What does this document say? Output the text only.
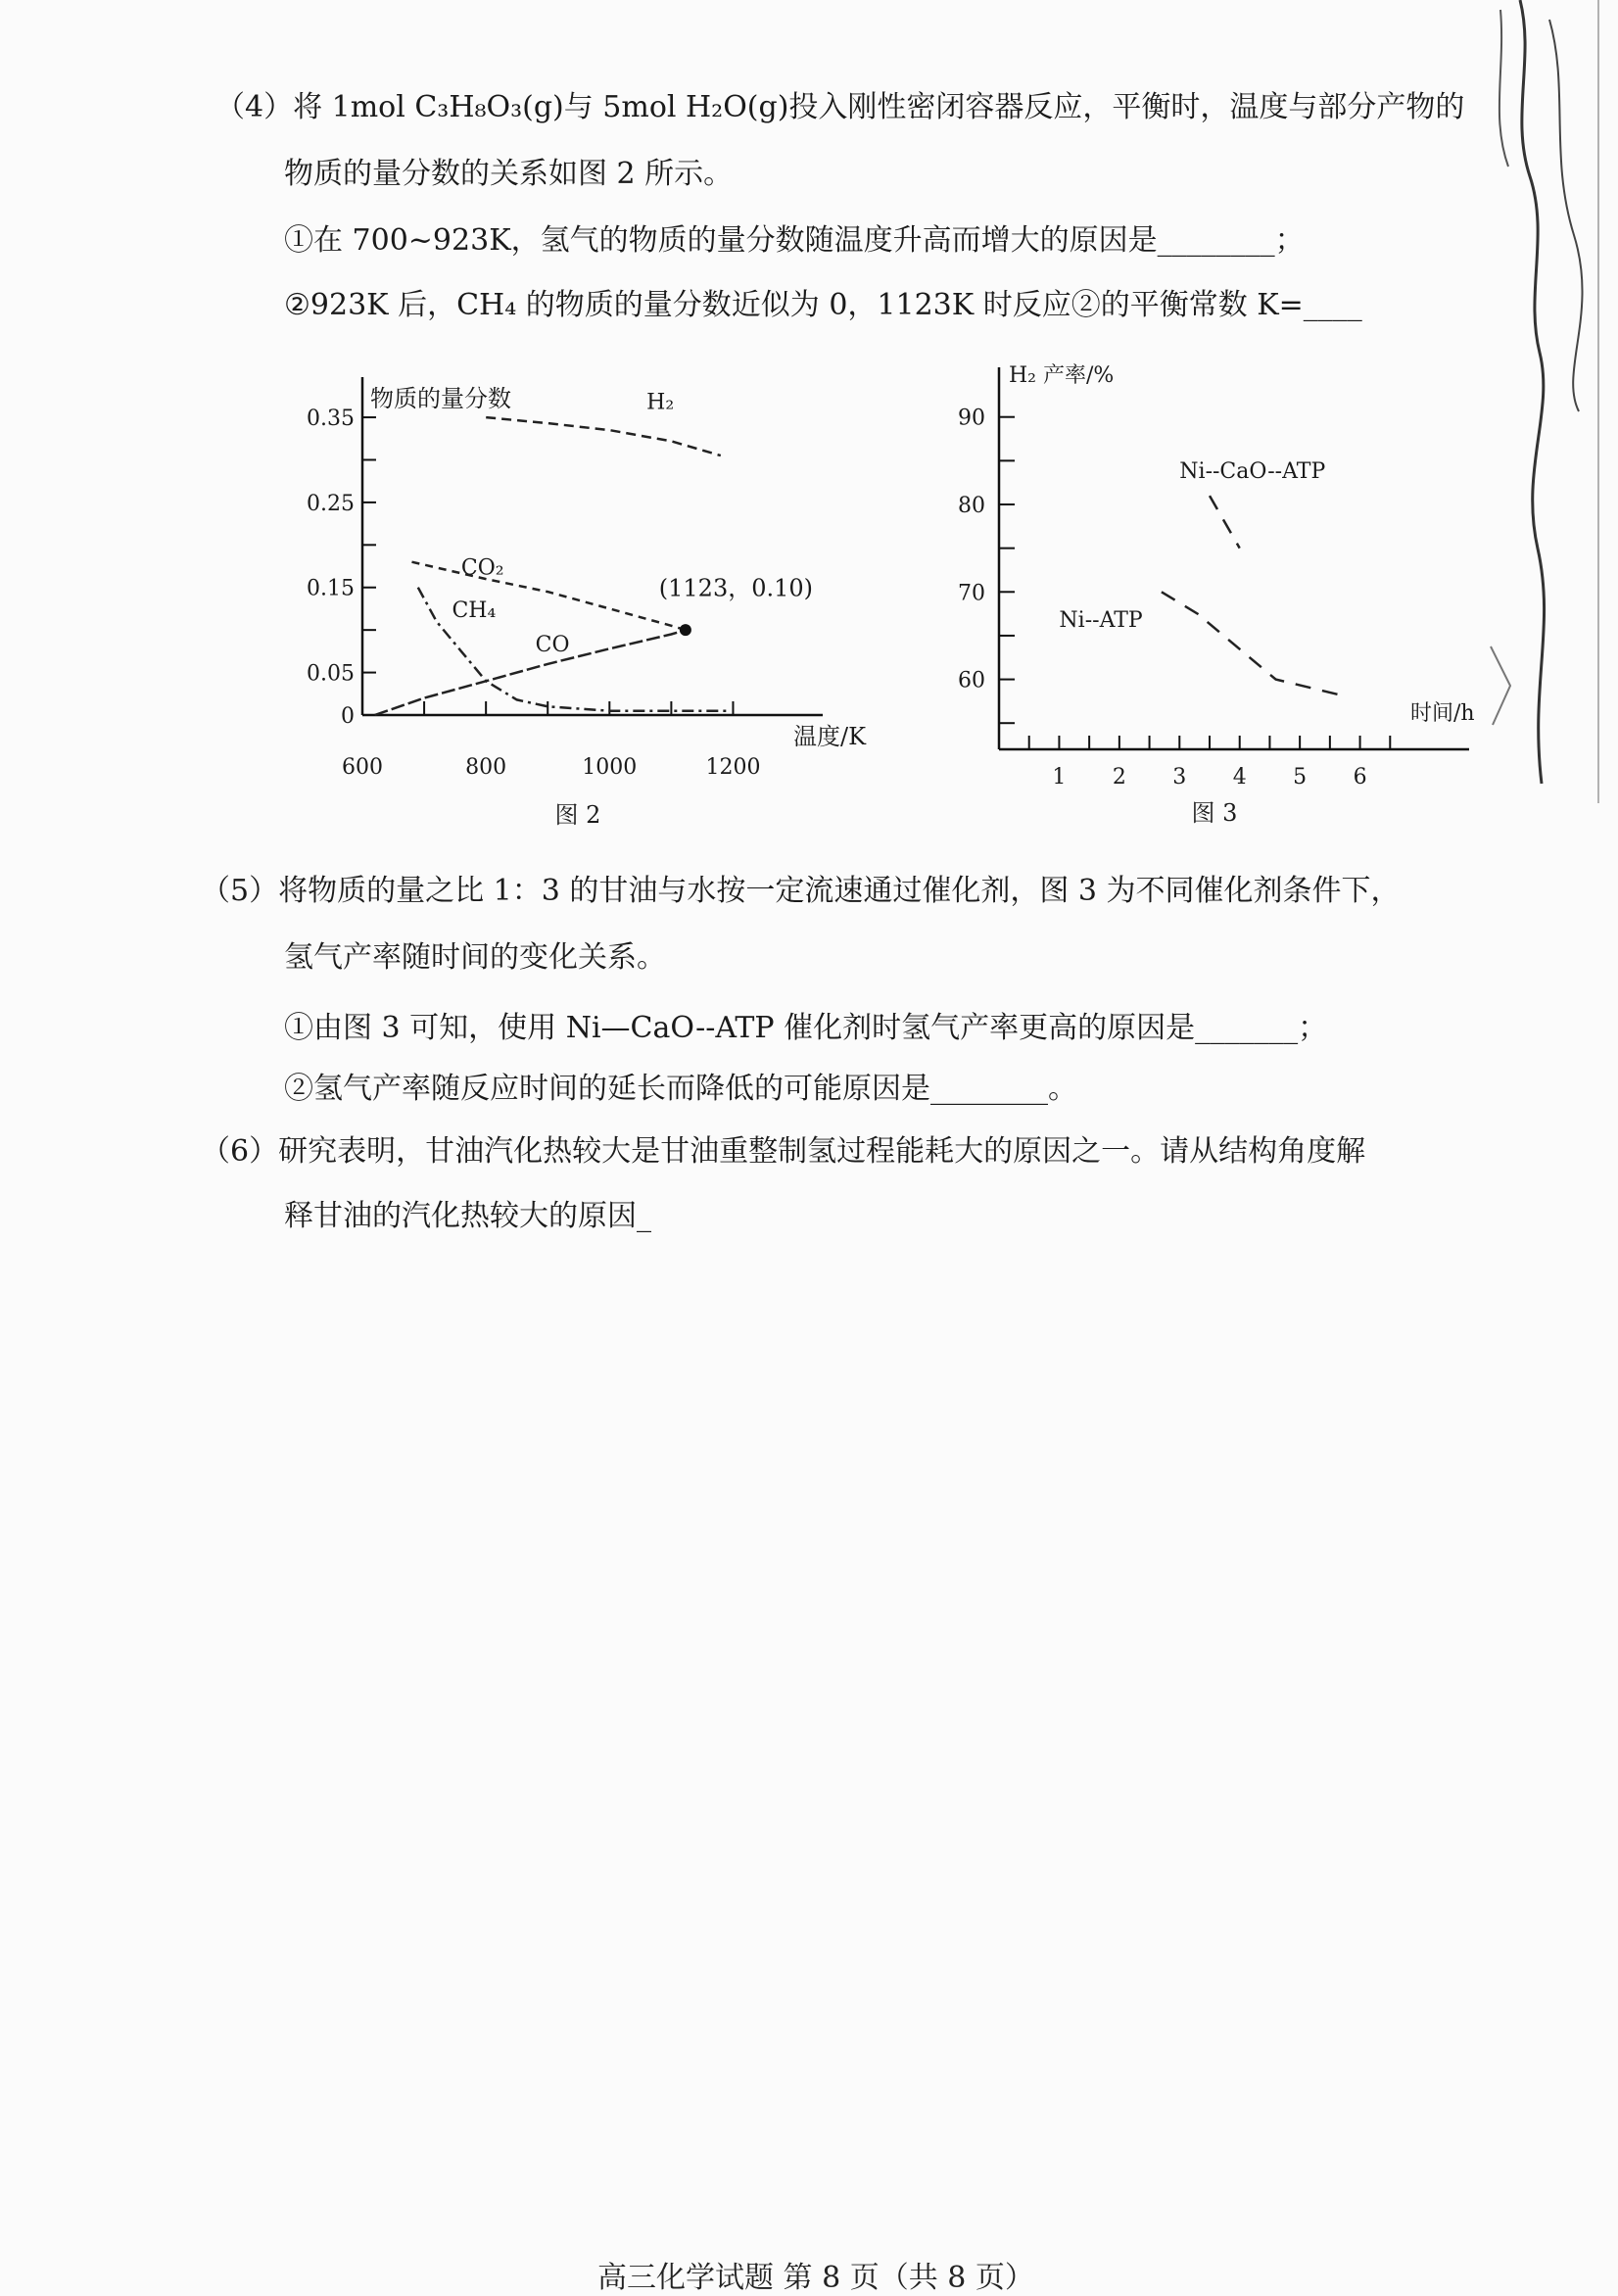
（4）将 1mol C₃H₈O₃(g)与 5mol H₂O(g)投入刚性密闭容器反应，平衡时，温度与部分产物的
物质的量分数的关系如图 2 所示。
①在 700~923K，氢气的物质的量分数随温度升高而增大的原因是________；
②923K 后，CH₄ 的物质的量分数近似为 0，1123K 时反应②的平衡常数 K=____
物质的量分数
温度/K
0
0.05
0.15
0.25
0.35
600	800	1000	1200
H₂
CO₂
CH₄
CO
(1123，0.10)
图 2
H₂ 产率/%
时间/h
60
70
80
90
1 2 3 4 5 6
Ni--CaO--ATP
Ni--ATP
图 3
（5）将物质的量之比 1：3 的甘油与水按一定流速通过催化剂，图 3 为不同催化剂条件下，
氢气产率随时间的变化关系。
①由图 3 可知，使用 Ni—CaO--ATP 催化剂时氢气产率更高的原因是_______；
②氢气产率随反应时间的延长而降低的可能原因是________。
（6）研究表明，甘油汽化热较大是甘油重整制氢过程能耗大的原因之一。请从结构角度解
释甘油的汽化热较大的原因_
高三化学试题 第 8 页（共 8 页）
